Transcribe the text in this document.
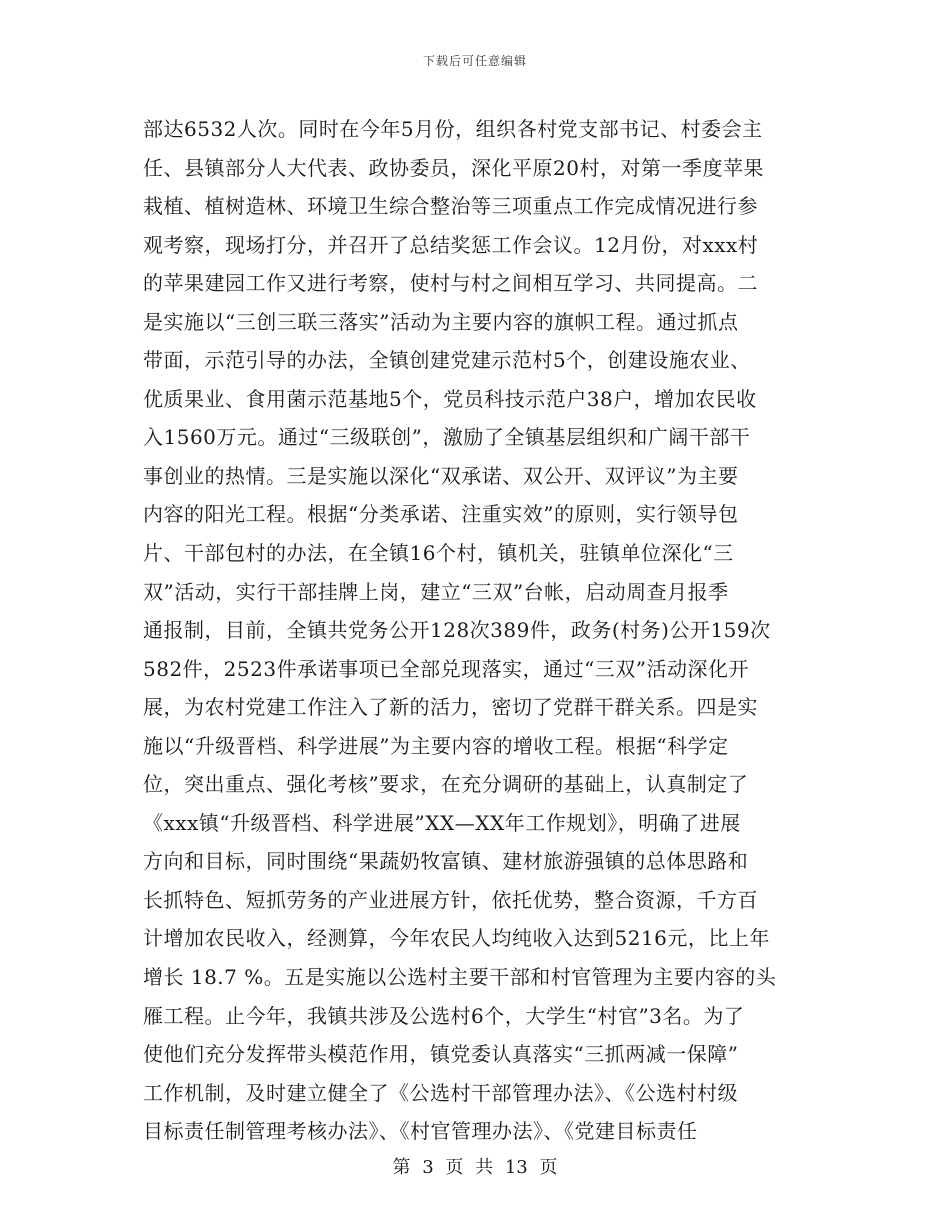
下载后可任意编辑
部达6532人次。同时在今年5月份，组织各村党支部书记、村委会主
任、县镇部分人大代表、政协委员，深化平原20村，对第一季度苹果
栽植、植树造林、环境卫生综合整治等三项重点工作完成情况进行参
观考察，现场打分，并召开了总结奖惩工作会议。12月份，对xxx村
的苹果建园工作又进行考察，使村与村之间相互学习、共同提高。二
是实施以“三创三联三落实”活动为主要内容的旗帜工程。通过抓点
带面，示范引导的办法，全镇创建党建示范村5个，创建设施农业、
优质果业、食用菌示范基地5个，党员科技示范户38户，增加农民收
入1560万元。通过“三级联创”，激励了全镇基层组织和广阔干部干
事创业的热情。三是实施以深化“双承诺、双公开、双评议”为主要
内容的阳光工程。根据“分类承诺、注重实效”的原则，实行领导包
片、干部包村的办法，在全镇16个村，镇机关，驻镇单位深化“三
双”活动，实行干部挂牌上岗，建立“三双”台帐，启动周查月报季
通报制，目前，全镇共党务公开128次389件，政务(村务)公开159次
582件，2523件承诺事项已全部兑现落实，通过“三双”活动深化开
展，为农村党建工作注入了新的活力，密切了党群干群关系。四是实
施以“升级晋档、科学进展”为主要内容的增收工程。根据“科学定
位，突出重点、强化考核”要求，在充分调研的基础上，认真制定了
《xxx镇“升级晋档、科学进展”XX—XX年工作规划》，明确了进展
方向和目标，同时围绕“果蔬奶牧富镇、建材旅游强镇的总体思路和
长抓特色、短抓劳务的产业进展方针，依托优势，整合资源，千方百
计增加农民收入，经测算，今年农民人均纯收入达到5216元，比上年
增长 18.7 %。五是实施以公选村主要干部和村官管理为主要内容的头
雁工程。止今年，我镇共涉及公选村6个，大学生“村官”3名。为了
使他们充分发挥带头模范作用，镇党委认真落实“三抓两减一保障”
工作机制，及时建立健全了《公选村干部管理办法》、《公选村村级
目标责任制管理考核办法》、《村官管理办法》、《党建目标责任
第 3 页 共 13 页
